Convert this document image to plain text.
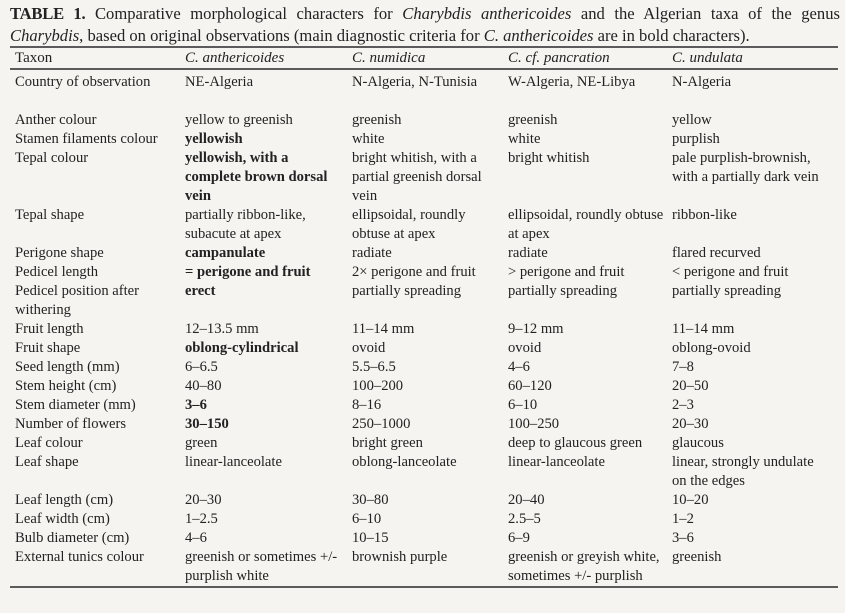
TABLE 1. Comparative morphological characters for Charybdis anthericoides and the Algerian taxa of the genus Charybdis, based on original observations (main diagnostic criteria for C. anthericoides are in bold characters).

Taxon	C. anthericoides	C. numidica	C. cf. pancration	C. undulata
Country of observation	NE-Algeria	N-Algeria, N-Tunisia	W-Algeria, NE-Libya	N-Algeria

Anther colour	yellow to greenish	greenish	greenish	yellow
Stamen filaments colour	yellowish	white	white	purplish
Tepal colour	yellowish, with a complete brown dorsal vein	bright whitish, with a partial greenish dorsal vein	bright whitish	pale purplish-brownish, with a partially dark vein
Tepal shape	partially ribbon-like, subacute at apex	ellipsoidal, roundly obtuse at apex	ellipsoidal, roundly obtuse at apex	ribbon-like
Perigone shape	campanulate	radiate	radiate	flared recurved
Pedicel length	= perigone and fruit	2× perigone and fruit	> perigone and fruit	< perigone and fruit
Pedicel position after withering	erect	partially spreading	partially spreading	partially spreading
Fruit length	12–13.5 mm	11–14 mm	9–12 mm	11–14 mm
Fruit shape	oblong-cylindrical	ovoid	ovoid	oblong-ovoid
Seed length (mm)	6–6.5	5.5–6.5	4–6	7–8
Stem height (cm)	40–80	100–200	60–120	20–50
Stem diameter (mm)	3–6	8–16	6–10	2–3
Number of flowers	30–150	250–1000	100–250	20–30
Leaf colour	green	bright green	deep to glaucous green	glaucous
Leaf shape	linear-lanceolate	oblong-lanceolate	linear-lanceolate	linear, strongly undulate on the edges
Leaf length (cm)	20–30	30–80	20–40	10–20
Leaf width (cm)	1–2.5	6–10	2.5–5	1–2
Bulb diameter (cm)	4–6	10–15	6–9	3–6
External tunics colour	greenish or sometimes +/- purplish white	brownish purple	greenish or greyish white, sometimes +/- purplish	greenish
